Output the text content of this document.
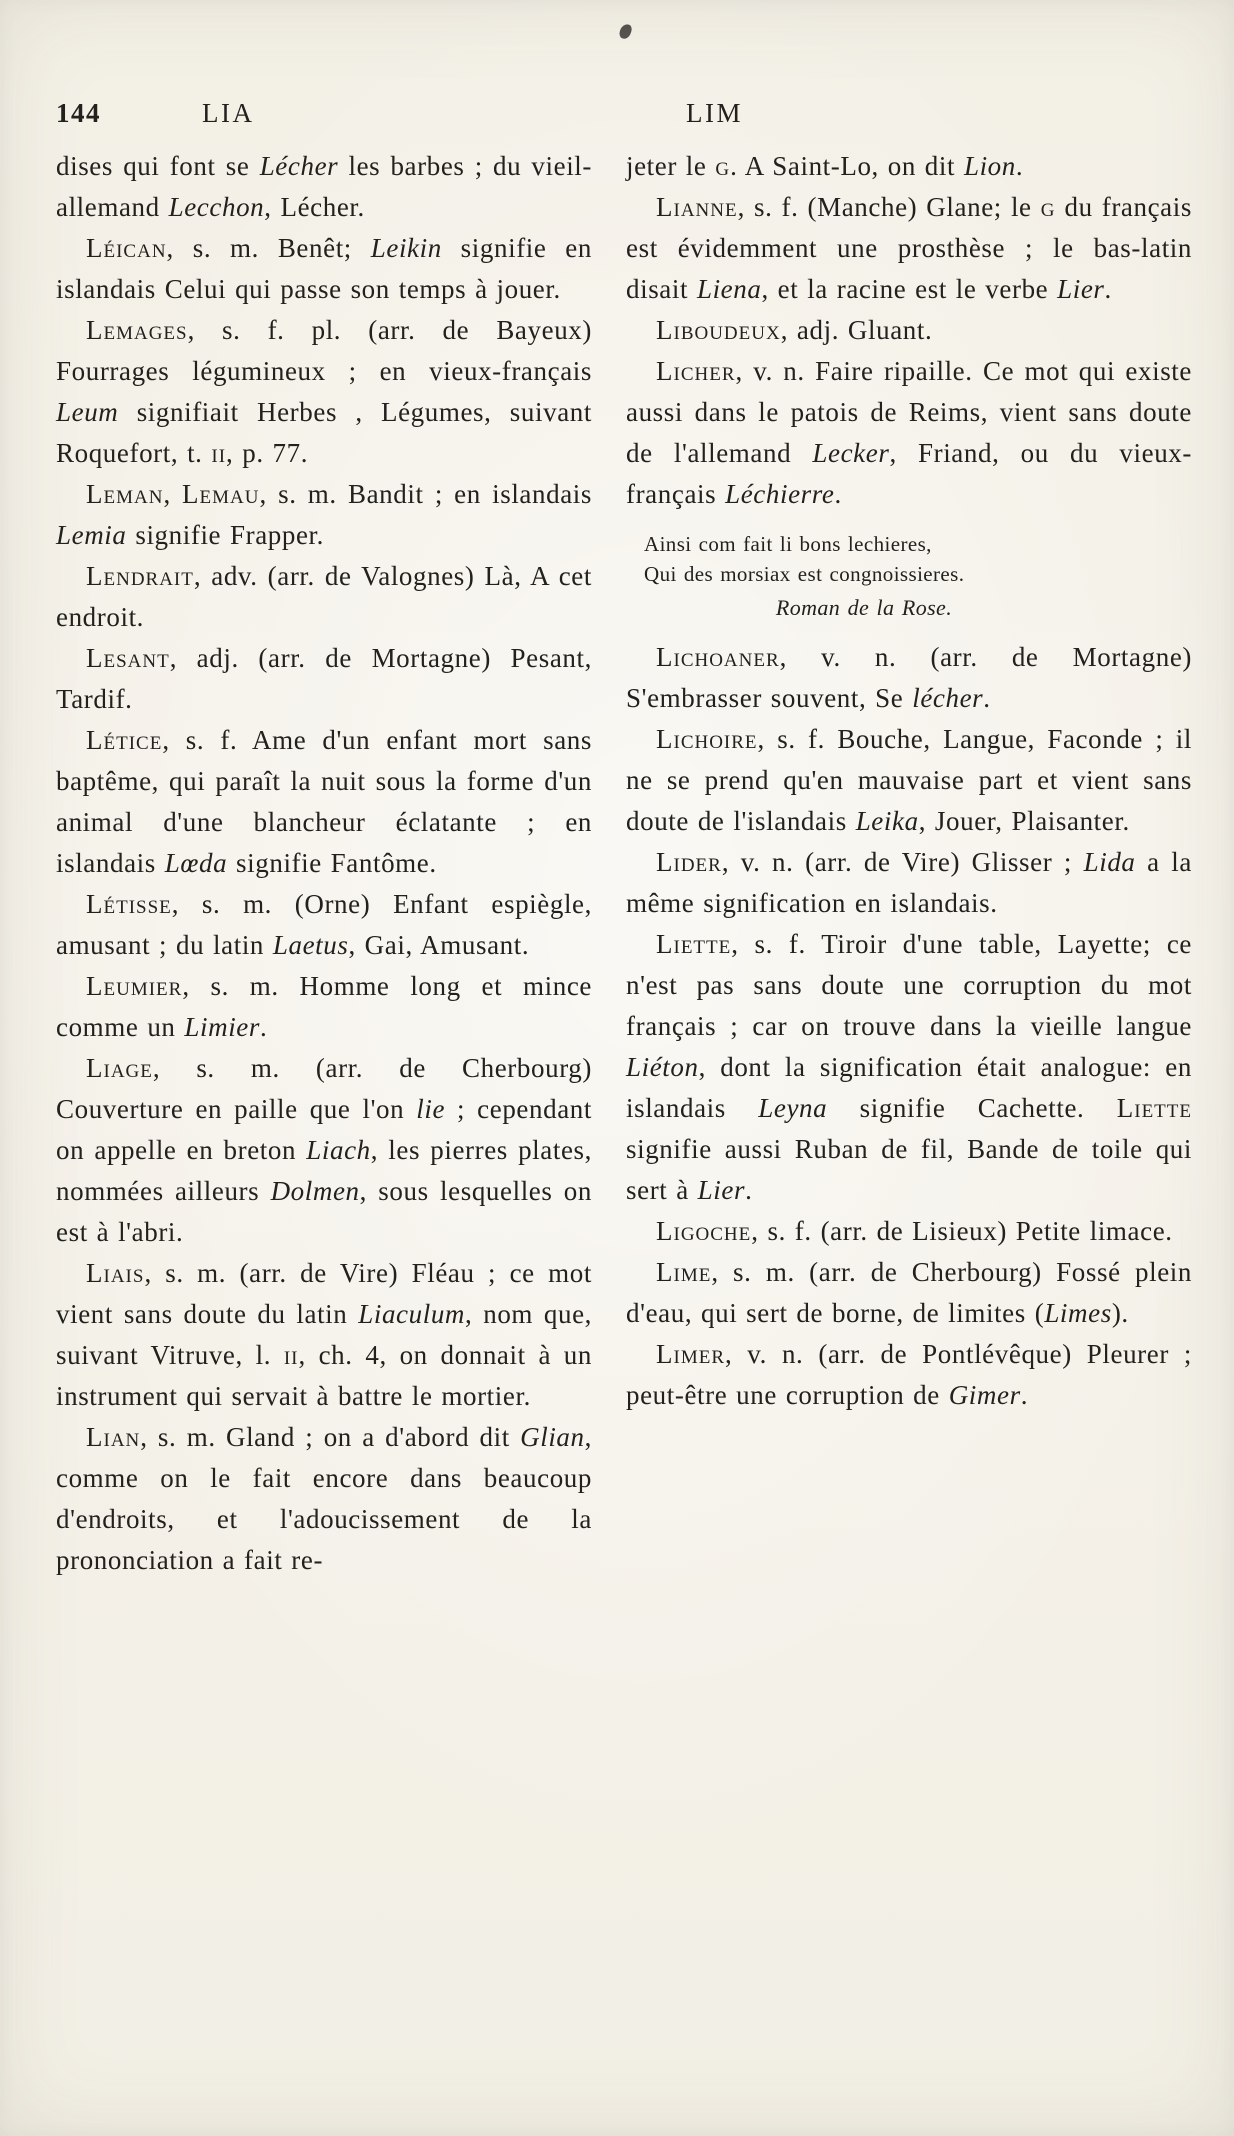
144	LIA	LIM

dises qui font se Lécher les barbes ; du vieil-allemand Lecchon, Lécher.

Léican, s. m. Benêt; Leikin signifie en islandais Celui qui passe son temps à jouer.

Lemages, s. f. pl. (arr. de Bayeux) Fourrages légumineux ; en vieux-français Leum signifiait Herbes , Légumes, suivant Roquefort, t. ii, p. 77.

Leman, Lemau, s. m. Bandit ; en islandais Lemia signifie Frapper.

Lendrait, adv. (arr. de Valognes) Là, A cet endroit.

Lesant, adj. (arr. de Mortagne) Pesant, Tardif.

Létice, s. f. Ame d'un enfant mort sans baptême, qui paraît la nuit sous la forme d'un animal d'une blancheur éclatante ; en islandais Lœda signifie Fantôme.

Létisse, s. m. (Orne) Enfant espiègle, amusant ; du latin Laetus, Gai, Amusant.

Leumier, s. m. Homme long et mince comme un Limier.

Liage, s. m. (arr. de Cherbourg) Couverture en paille que l'on lie ; cependant on appelle en breton Liach, les pierres plates, nommées ailleurs Dolmen, sous lesquelles on est à l'abri.

Liais, s. m. (arr. de Vire) Fléau ; ce mot vient sans doute du latin Liaculum, nom que, suivant Vitruve, l. ii, ch. 4, on donnait à un instrument qui servait à battre le mortier.

Lian, s. m. Gland ; on a d'abord dit Glian, comme on le fait encore dans beaucoup d'endroits, et l'adoucissement de la prononciation a fait re-

jeter le g. A Saint-Lo, on dit Lion.

Lianne, s. f. (Manche) Glane; le g du français est évidemment une prosthèse ; le bas-latin disait Liena, et la racine est le verbe Lier.

Liboudeux, adj. Gluant.

Licher, v. n. Faire ripaille. Ce mot qui existe aussi dans le patois de Reims, vient sans doute de l'allemand Lecker, Friand, ou du vieux-français Léchierre.

Ainsi com fait li bons lechieres,
Qui des morsiax est congnoissieres.

Roman de la Rose.

Lichoaner, v. n. (arr. de Mortagne) S'embrasser souvent, Se lécher.

Lichoire, s. f. Bouche, Langue, Faconde ; il ne se prend qu'en mauvaise part et vient sans doute de l'islandais Leika, Jouer, Plaisanter.

Lider, v. n. (arr. de Vire) Glisser ; Lida a la même signification en islandais.

Liette, s. f. Tiroir d'une table, Layette; ce n'est pas sans doute une corruption du mot français ; car on trouve dans la vieille langue Liéton, dont la signification était analogue: en islandais Leyna signifie Cachette. Liette signifie aussi Ruban de fil, Bande de toile qui sert à Lier.

Ligoche, s. f. (arr. de Lisieux) Petite limace.

Lime, s. m. (arr. de Cherbourg) Fossé plein d'eau, qui sert de borne, de limites (Limes).

Limer, v. n. (arr. de Pontlévêque) Pleurer ; peut-être une corruption de Gimer.
